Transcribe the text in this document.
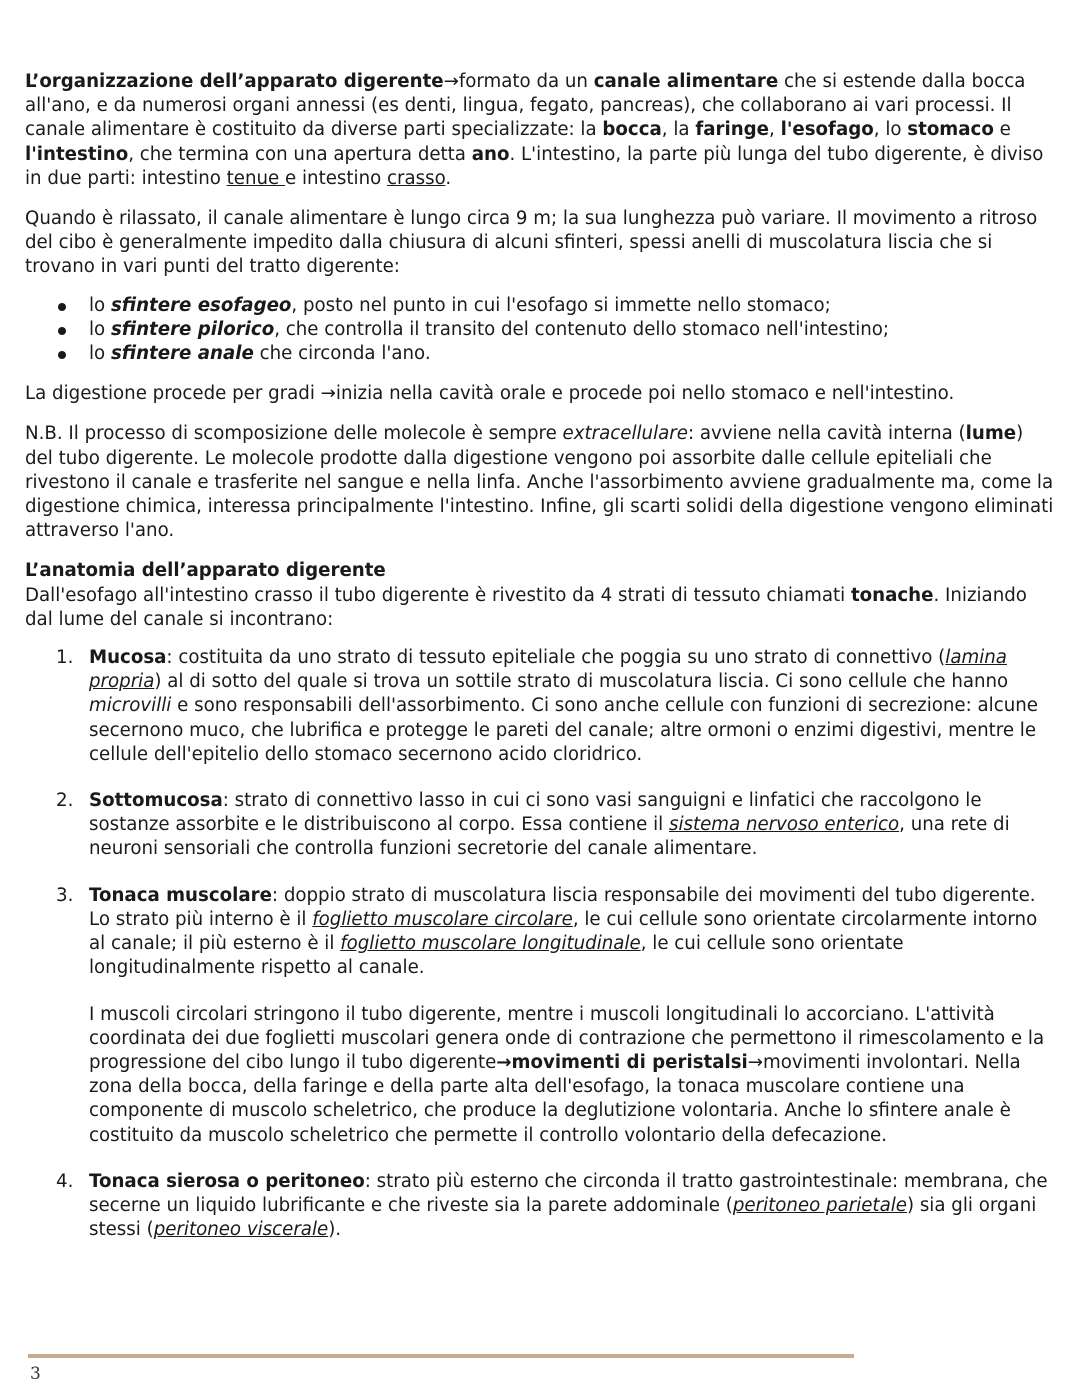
L’organizzazione dell’apparato digerente→formato da un canale alimentare che si estende dalla bocca all'ano, e da numerosi organi annessi (es denti, lingua, fegato, pancreas), che collaborano ai vari processi. Il canale alimentare è costituito da diverse parti specializzate: la bocca, la faringe, l'esofago, lo stomaco e l'intestino, che termina con una apertura detta ano. L'intestino, la parte più lunga del tubo digerente, è diviso in due parti: intestino tenue e intestino crasso.

Quando è rilassato, il canale alimentare è lungo circa 9 m; la sua lunghezza può variare. Il movimento a ritroso del cibo è generalmente impedito dalla chiusura di alcuni sfinteri, spessi anelli di muscolatura liscia che si trovano in vari punti del tratto digerente:

lo sfintere esofageo, posto nel punto in cui l'esofago si immette nello stomaco;
lo sfintere pilorico, che controlla il transito del contenuto dello stomaco nell'intestino;
lo sfintere anale che circonda l'ano.

La digestione procede per gradi →inizia nella cavità orale e procede poi nello stomaco e nell'intestino.

N.B. Il processo di scomposizione delle molecole è sempre extracellulare: avviene nella cavità interna (lume) del tubo digerente. Le molecole prodotte dalla digestione vengono poi assorbite dalle cellule epiteliali che rivestono il canale e trasferite nel sangue e nella linfa. Anche l'assorbimento avviene gradualmente ma, come la digestione chimica, interessa principalmente l'intestino. Infine, gli scarti solidi della digestione vengono eliminati attraverso l'ano.

L’anatomia dell’apparato digerente

Dall'esofago all'intestino crasso il tubo digerente è rivestito da 4 strati di tessuto chiamati tonache. Iniziando dal lume del canale si incontrano:

1. Mucosa: costituita da uno strato di tessuto epiteliale che poggia su uno strato di connettivo (lamina propria) al di sotto del quale si trova un sottile strato di muscolatura liscia. Ci sono cellule che hanno microvilli e sono responsabili dell'assorbimento. Ci sono anche cellule con funzioni di secrezione: alcune secernono muco, che lubrifica e protegge le pareti del canale; altre ormoni o enzimi digestivi, mentre le cellule dell'epitelio dello stomaco secernono acido cloridrico.
2. Sottomucosa: strato di connettivo lasso in cui ci sono vasi sanguigni e linfatici che raccolgono le sostanze assorbite e le distribuiscono al corpo. Essa contiene il sistema nervoso enterico, una rete di neuroni sensoriali che controlla funzioni secretorie del canale alimentare.
3. Tonaca muscolare: doppio strato di muscolatura liscia responsabile dei movimenti del tubo digerente. Lo strato più interno è il foglietto muscolare circolare, le cui cellule sono orientate circolarmente intorno al canale; il più esterno è il foglietto muscolare longitudinale, le cui cellule sono orientate longitudinalmente rispetto al canale.

I muscoli circolari stringono il tubo digerente, mentre i muscoli longitudinali lo accorciano. L'attività coordinata dei due foglietti muscolari genera onde di contrazione che permettono il rimescolamento e la progressione del cibo lungo il tubo digerente→movimenti di peristalsi→movimenti involontari. Nella zona della bocca, della faringe e della parte alta dell'esofago, la tonaca muscolare contiene una componente di muscolo scheletrico, che produce la deglutizione volontaria. Anche lo sfintere anale è costituito da muscolo scheletrico che permette il controllo volontario della defecazione.

4. Tonaca sierosa o peritoneo: strato più esterno che circonda il tratto gastrointestinale: membrana, che secerne un liquido lubrificante e che riveste sia la parete addominale (peritoneo parietale) sia gli organi stessi (peritoneo viscerale).
3
